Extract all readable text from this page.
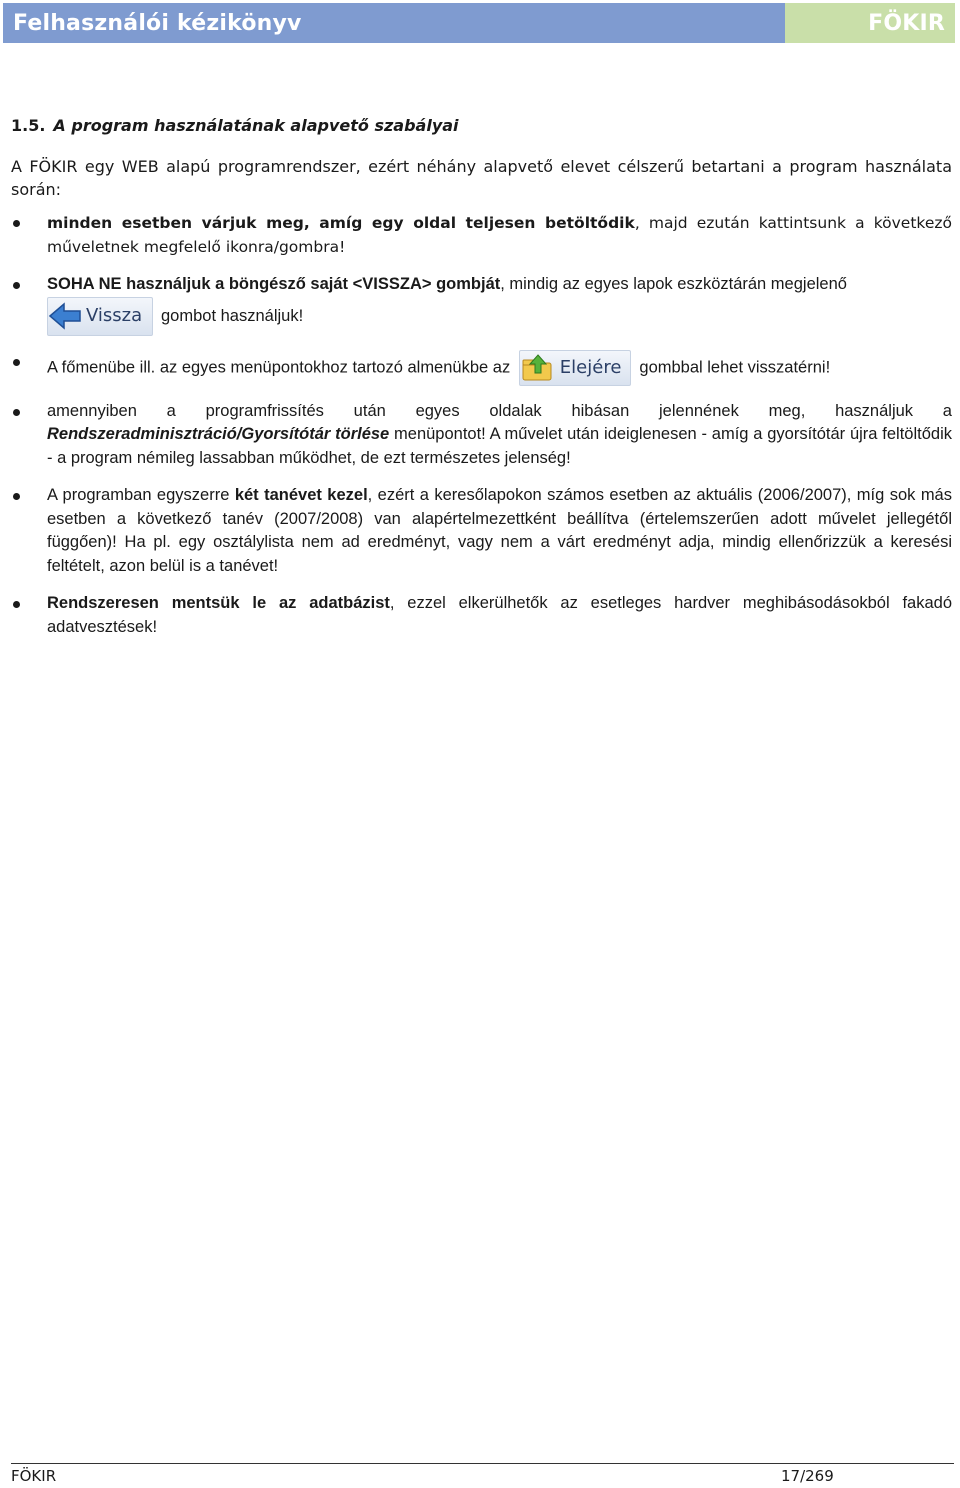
Felhasználói kézikönyv	FÖKIR

1.5. A program használatának alapvető szabályai

A FÖKIR egy WEB alapú programrendszer, ezért néhány alapvető elevet célszerű betartani a program használata során:

minden esetben várjuk meg, amíg egy oldal teljesen betöltődik, majd ezután kattintsunk a következő műveletnek megfelelő ikonra/gombra!
SOHA NE használjuk a böngésző saját <VISSZA> gombját, mindig az egyes lapok eszköztárán megjelenő

Vissza gombot használjuk!
A főmenübe ill. az egyes menüpontokhoz tartozó almenükbe az	Elejére gombbal lehet visszatérni!
amennyiben a programfrissítés után egyes oldalak hibásan jelennének meg, használjuk a Rendszeradminisztráció/Gyorsítótár törlése menüpontot! A művelet után ideiglenesen - amíg a gyorsítótár újra feltöltődik - a program némileg lassabban működhet, de ezt természetes jelenség!
A programban egyszerre két tanévet kezel, ezért a keresőlapokon számos esetben az aktuális (2006/2007), míg sok más esetben a következő tanév (2007/2008) van alapértelmezettként beállítva (értelemszerűen adott művelet jellegétől függően)! Ha pl. egy osztálylista nem ad eredményt, vagy nem a várt eredményt adja, mindig ellenőrizzük a keresési feltételt, azon belül is a tanévet!
Rendszeresen mentsük le az adatbázist, ezzel elkerülhetők az esetleges hardver meghibásodásokból fakadó adatvesztések!
FÖKIR	17/269
